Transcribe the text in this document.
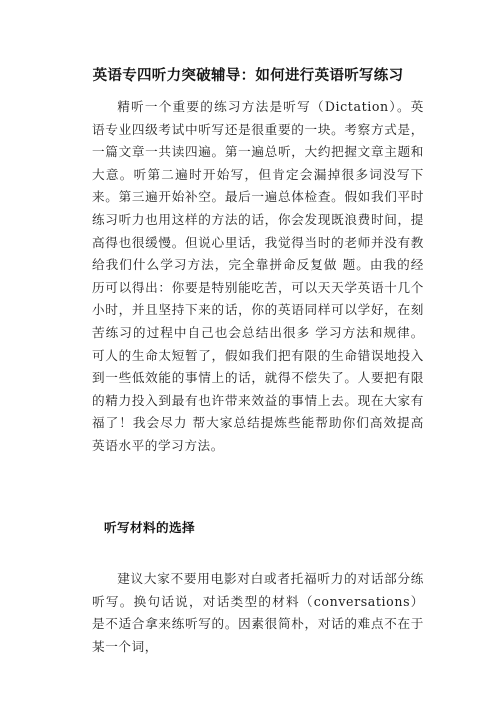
英语专四听力突破辅导：如何进行英语听写练习
精听一个重要的练习方法是听写（Dictation）。英语专业四级考试中听写还是很重要的一块。考察方式是，一篇文章一共读四遍。第一遍总听，大约把握文章主题和大意。听第二遍时开始写，但肯定会漏掉很多词没写下来。第三遍开始补空。最后一遍总体检查。假如我们平时练习听力也用这样的方法的话，你会发现既浪费时间，提高得也很缓慢。但说心里话，我觉得当时的老师并没有教给我们什么学习方法，完全靠拼命反复做 题。由我的经历可以得出：你要是特别能吃苦，可以天天学英语十几个小时，并且坚持下来的话，你的英语同样可以学好，在刻苦练习的过程中自己也会总结出很多 学习方法和规律。可人的生命太短暂了，假如我们把有限的生命错误地投入到一些低效能的事情上的话，就得不偿失了。人要把有限的精力投入到最有也许带来效益的事情上去。现在大家有福了！我会尽力 帮大家总结提炼些能帮助你们高效提高英语水平的学习方法。
听写材料的选择
建议大家不要用电影对白或者托福听力的对话部分练听写。换句话说，对话类型的材料（conversations）是不适合拿来练听写的。因素很简朴，对话的难点不在于某一个词，
